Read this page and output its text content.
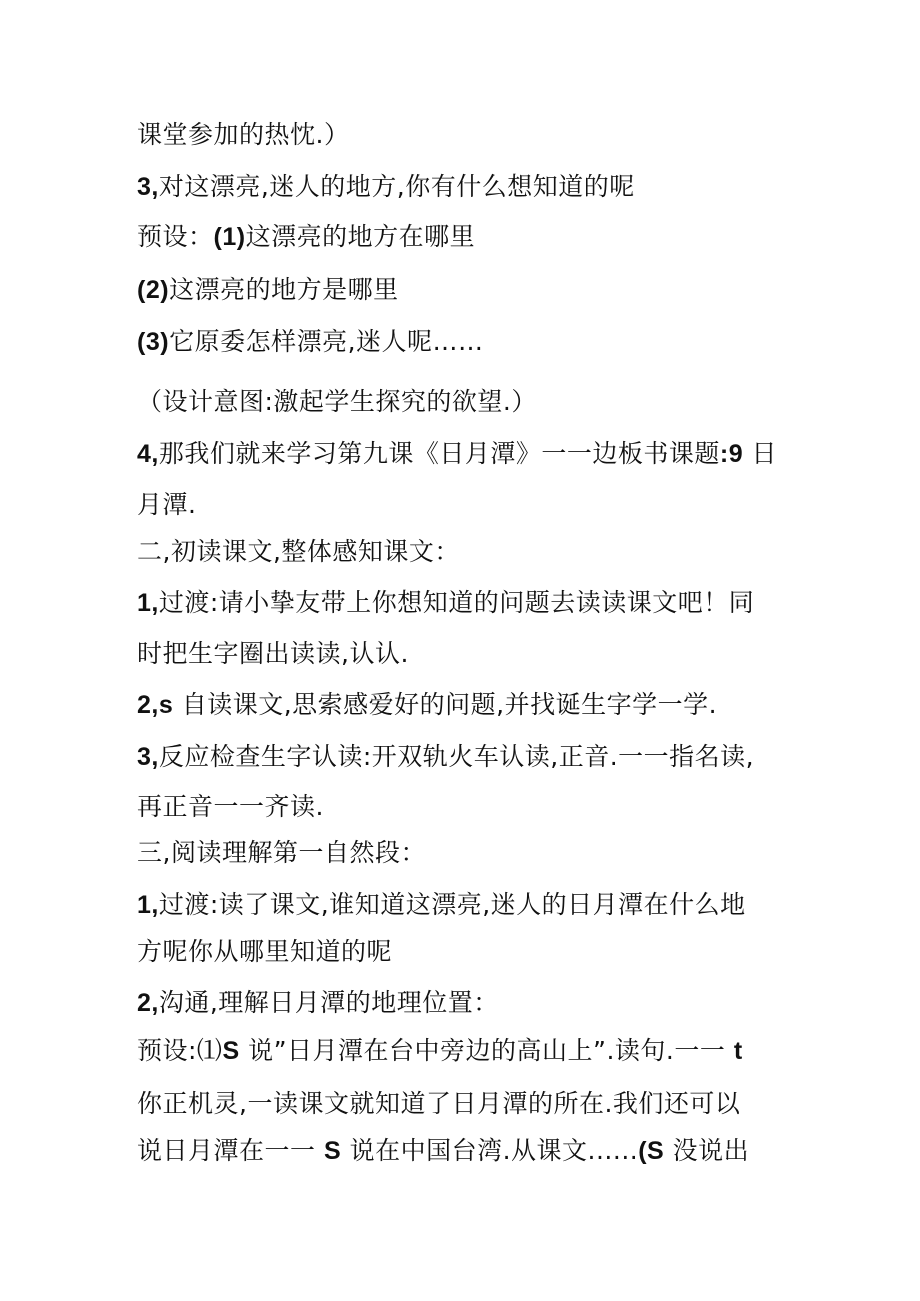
课堂参加的热忱.）
3,对这漂亮,迷人的地方,你有什么想知道的呢
预设：(1)这漂亮的地方在哪里
(2)这漂亮的地方是哪里
(3)它原委怎样漂亮,迷人呢……
（设计意图:激起学生探究的欲望.）
4,那我们就来学习第九课《日月潭》一一边板书课题:9 日
月潭.
二,初读课文,整体感知课文：
1,过渡:请小挚友带上你想知道的问题去读读课文吧！同
时把生字圈出读读,认认.
2,s 自读课文,思索感爱好的问题,并找诞生字学一学.
3,反应检查生字认读:开双轨火车认读,正音.一一指名读,
再正音一一齐读.
三,阅读理解第一自然段：
1,过渡:读了课文,谁知道这漂亮,迷人的日月潭在什么地
方呢你从哪里知道的呢
2,沟通,理解日月潭的地理位置：
预设:⑴S 说”日月潭在台中旁边的高山上”.读句.一一 t
你正机灵,一读课文就知道了日月潭的所在.我们还可以
说日月潭在一一 S 说在中国台湾.从课文......(S 没说出
